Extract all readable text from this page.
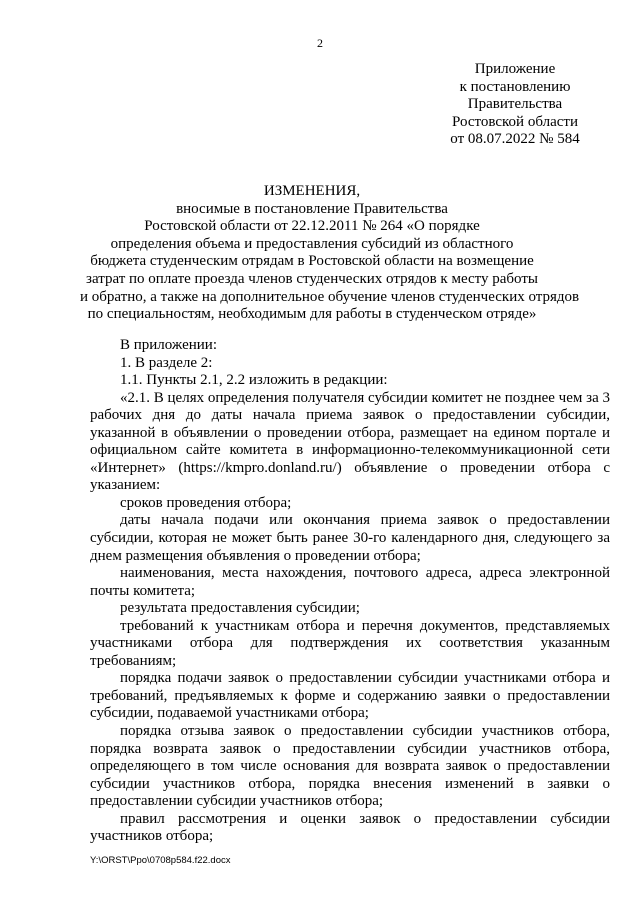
2
Приложение
к постановлению
Правительства
Ростовской области
от 08.07.2022 № 584
ИЗМЕНЕНИЯ,
вносимые в постановление Правительства
Ростовской области от 22.12.2011 № 264 «О порядке
определения объема и предоставления субсидий из областного
бюджета студенческим отрядам в Ростовской области на возмещение
затрат по оплате проезда членов студенческих отрядов к месту работы
и обратно, а также на дополнительное обучение членов студенческих отрядов
по специальностям, необходимым для работы в студенческом отряде»

В приложении:

1. В разделе 2:

1.1. Пункты 2.1, 2.2 изложить в редакции:

«2.1. В целях определения получателя субсидии комитет не позднее чем за 3 рабочих дня до даты начала приема заявок о предоставлении субсидии, указанной в объявлении о проведении отбора, размещает на едином портале и официальном сайте комитета в информационно-телекоммуникационной сети «Интернет» (https://kmpro.donland.ru/) объявление о проведении отбора с указанием:

сроков проведения отбора;

даты начала подачи или окончания приема заявок о предоставлении субсидии, которая не может быть ранее 30-го календарного дня, следующего за днем размещения объявления о проведении отбора;

наименования, места нахождения, почтового адреса, адреса электронной почты комитета;

результата предоставления субсидии;

требований к участникам отбора и перечня документов, представляемых участниками отбора для подтверждения их соответствия указанным требованиям;

порядка подачи заявок о предоставлении субсидии участниками отбора и требований, предъявляемых к форме и содержанию заявки о предоставлении субсидии, подаваемой участниками отбора;

порядка отзыва заявок о предоставлении субсидии участников отбора, порядка возврата заявок о предоставлении субсидии участников отбора, определяющего в том числе основания для возврата заявок о предоставлении субсидии участников отбора, порядка внесения изменений в заявки о предоставлении субсидии участников отбора;

правил рассмотрения и оценки заявок о предоставлении субсидии участников отбора;

Y:\ORST\Ppo\0708p584.f22.docx
